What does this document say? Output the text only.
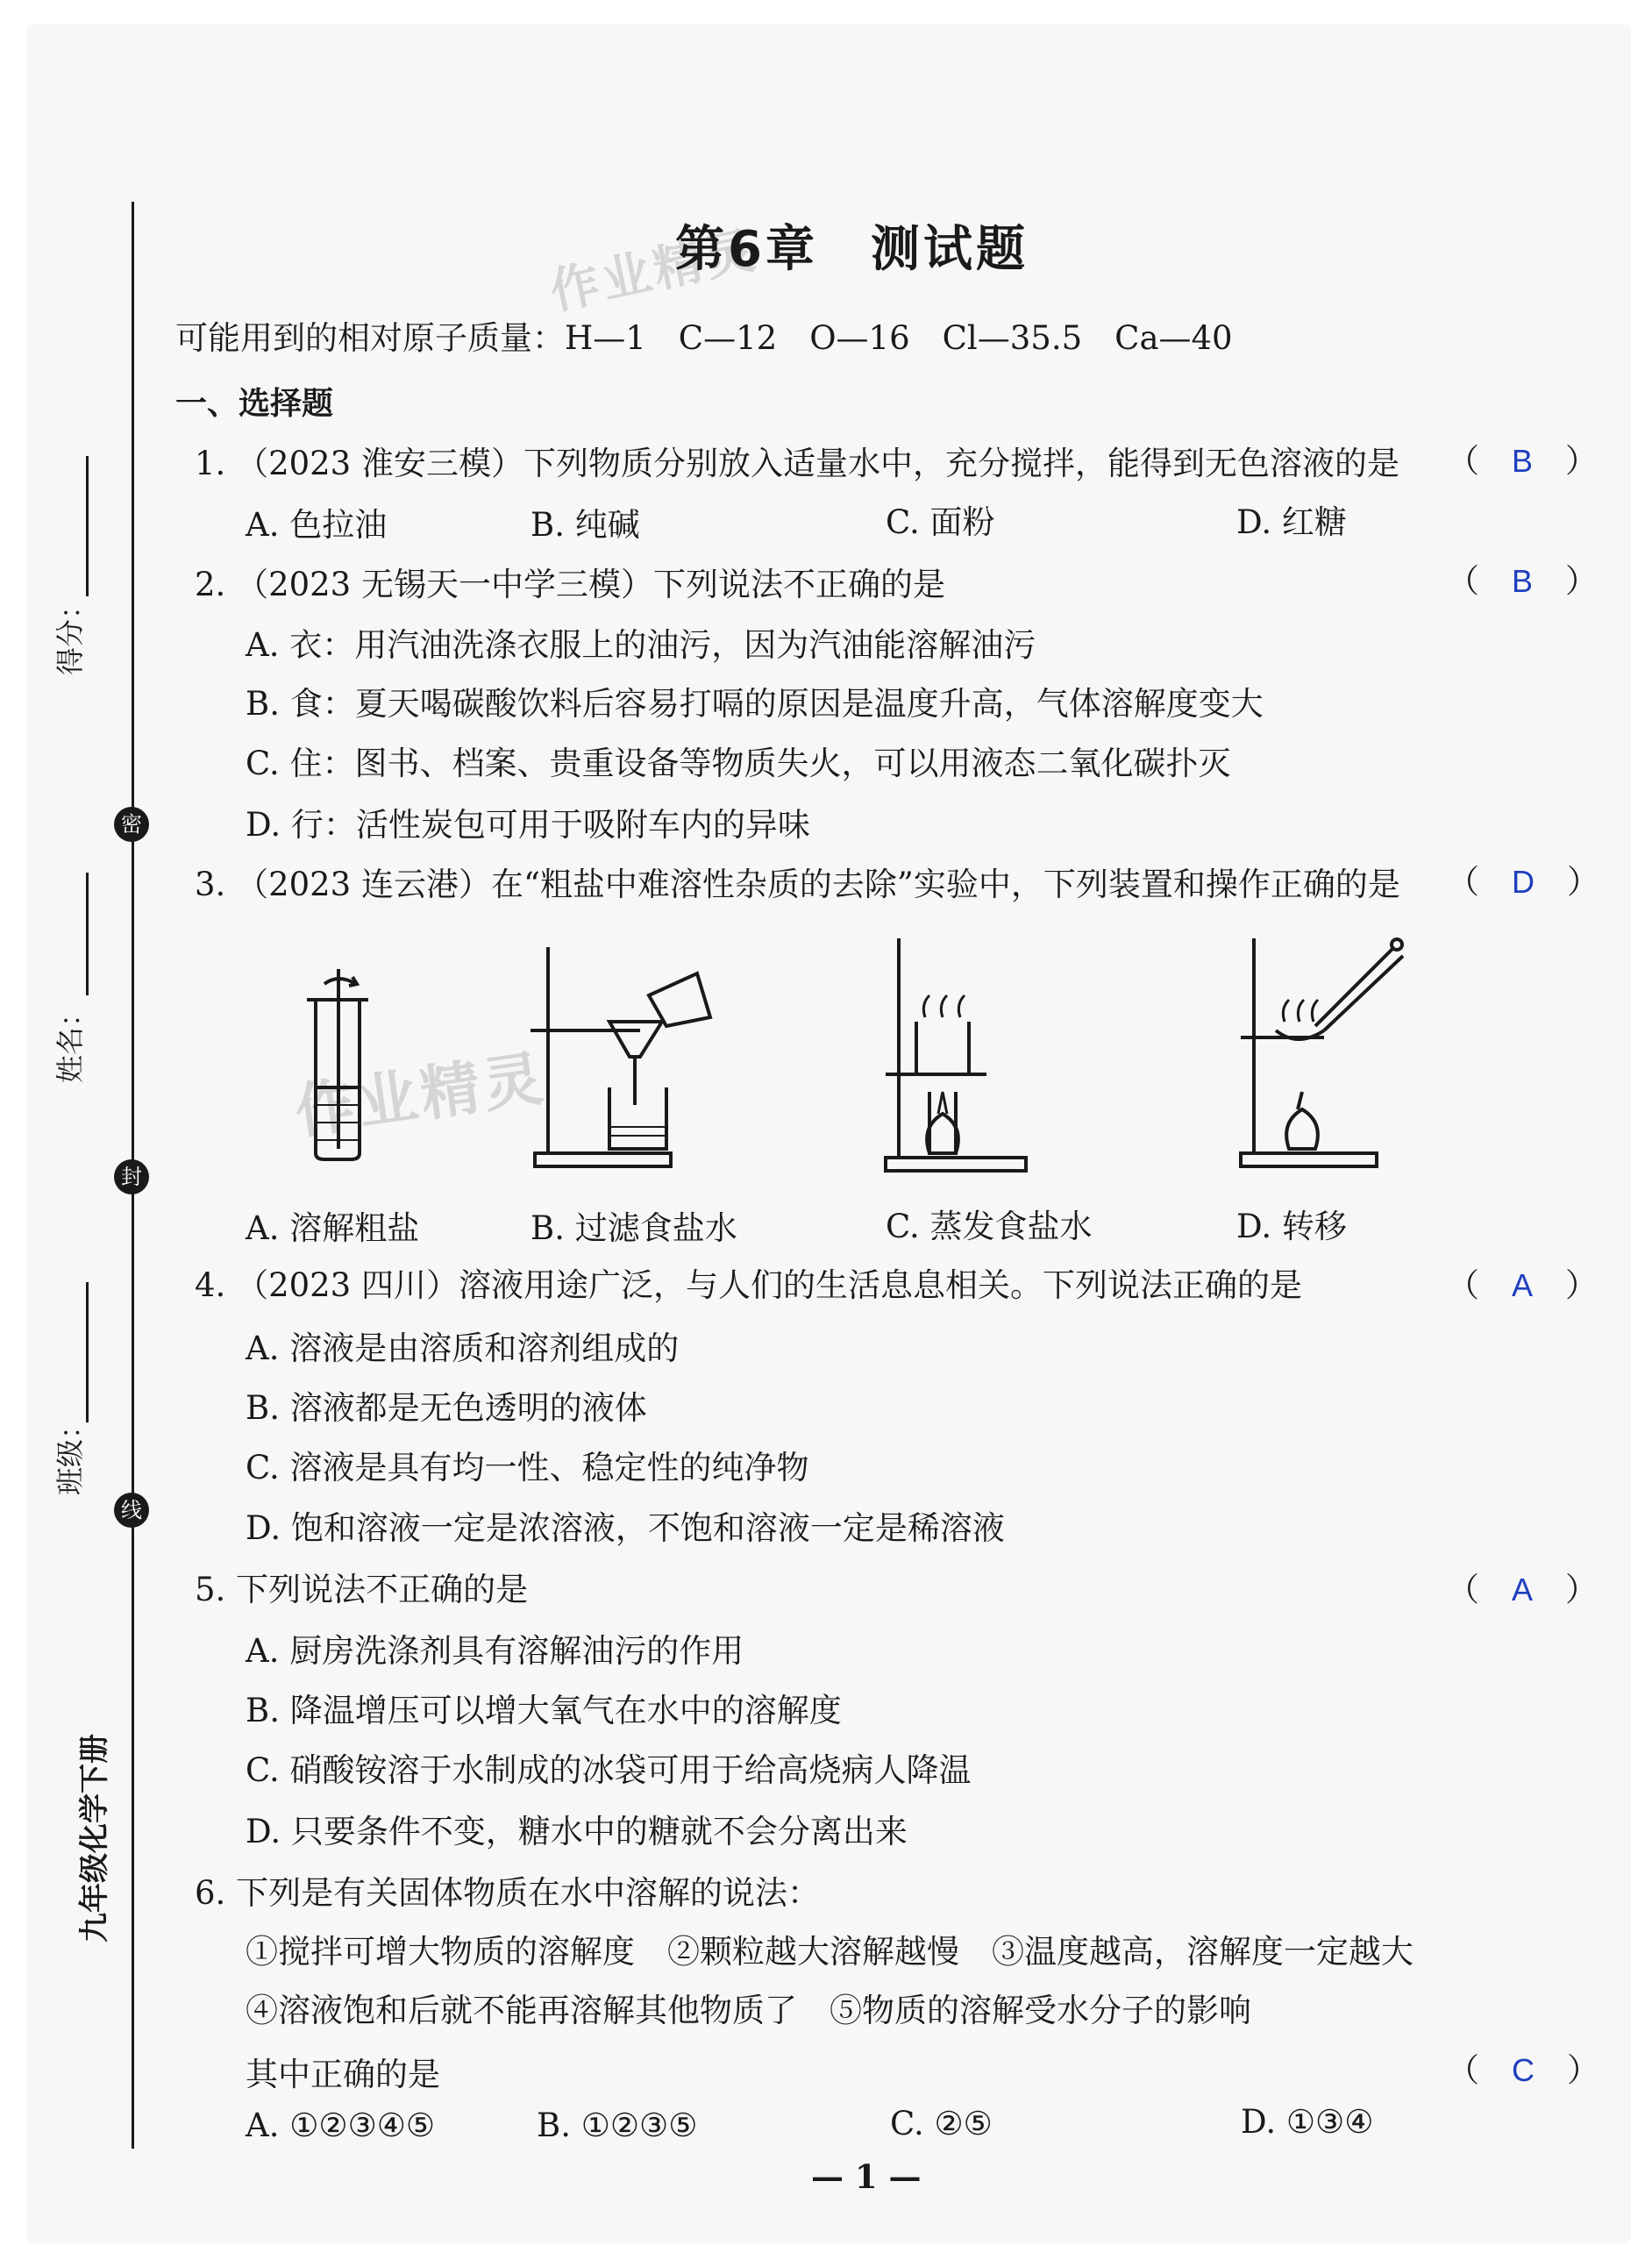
得分：
密
姓名：
封
班级：
线
九年级化学下册
作业精灵
作业精灵
第6章　测试题
可能用到的相对原子质量：H—1　C—12　O—16　Cl—35.5　Ca—40
一、选择题
1. （2023 淮安三模）下列物质分别放入适量水中，充分搅拌，能得到无色溶液的是 （　B　）
A. 色拉油	B. 纯碱	C. 面粉	D. 红糖
2. （2023 无锡天一中学三模）下列说法不正确的是	（　B　）
A. 衣：用汽油洗涤衣服上的油污，因为汽油能溶解油污
B. 食：夏天喝碳酸饮料后容易打嗝的原因是温度升高，气体溶解度变大
C. 住：图书、档案、贵重设备等物质失火，可以用液态二氧化碳扑灭
D. 行：活性炭包可用于吸附车内的异味
3. （2023 连云港）在“粗盐中难溶性杂质的去除”实验中，下列装置和操作正确的是 （　D　）
A. 溶解粗盐	B. 过滤食盐水	C. 蒸发食盐水	D. 转移
4. （2023 四川）溶液用途广泛，与人们的生活息息相关。下列说法正确的是	（　A　）
A. 溶液是由溶质和溶剂组成的
B. 溶液都是无色透明的液体
C. 溶液是具有均一性、稳定性的纯净物
D. 饱和溶液一定是浓溶液，不饱和溶液一定是稀溶液
5. 下列说法不正确的是	（　A　）
A. 厨房洗涤剂具有溶解油污的作用
B. 降温增压可以增大氧气在水中的溶解度
C. 硝酸铵溶于水制成的冰袋可用于给高烧病人降温
D. 只要条件不变，糖水中的糖就不会分离出来
6. 下列是有关固体物质在水中溶解的说法：
①搅拌可增大物质的溶解度　②颗粒越大溶解越慢　③温度越高，溶解度一定越大
④溶液饱和后就不能再溶解其他物质了　⑤物质的溶解受水分子的影响
其中正确的是	（　C　）
A. ①②③④⑤	B. ①②③⑤	C. ②⑤	D. ①③④
— 1 —
